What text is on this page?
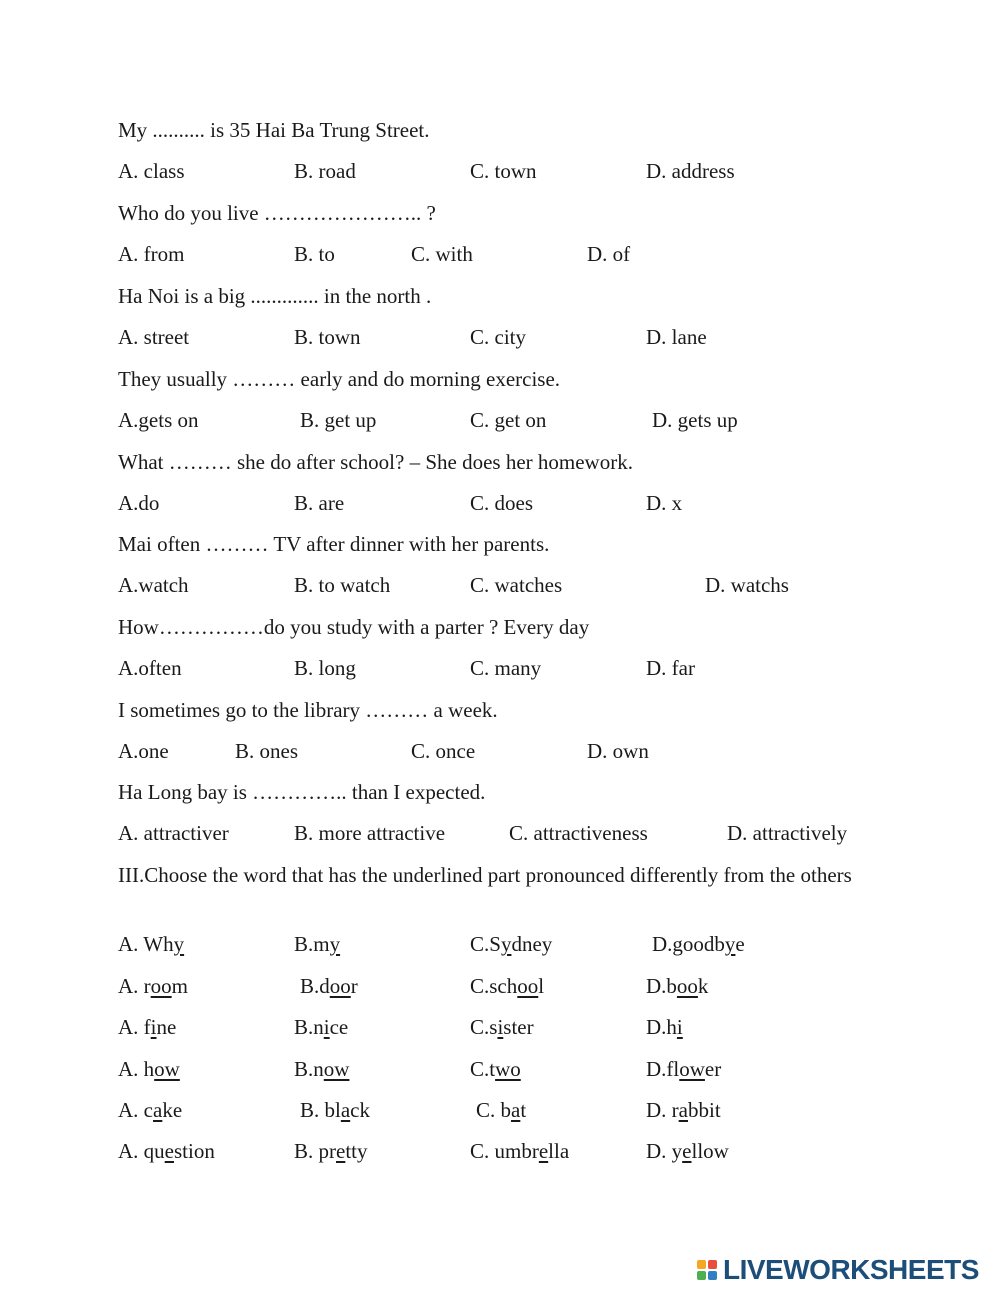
My .......... is 35 Hai Ba Trung Street.
A. class	B. road	C. town	D. address
Who do you live ………………….. ?
A. from	B. to	C. with	D. of
Ha Noi is a big ............. in the north .
A. street	B. town	C. city	D. lane
They usually ……… early and do morning exercise.
A.gets on	B. get up	C. get on	D. gets up
What ……… she do after school? – She does her homework.
A.do	B. are	C. does	D. x
Mai often ……… TV after dinner with her parents.
A.watch	B. to watch	C. watches	D. watchs
How……………do you study with a parter ? Every day
A.often	B. long	C. many	D. far
I sometimes go to the library ……… a week.
A.one	B. ones	C. once	D. own
Ha Long bay is ………….. than I expected.
A. attractiver	B. more attractive	C. attractiveness	D. attractively
III.Choose the word that has the underlined part pronounced differently from the others
A. Why	B.my	C.Sydney	D.goodbye
A. room	B.door	C.school	D.book
A. fine	B.nice	C.sister	D.hi
A. how	B.now	C.two	D.flower
A. cake	B. black	C. bat	D. rabbit
A. question	B. pretty	C. umbrella	D. yellow
LIVEWORKSHEETS
